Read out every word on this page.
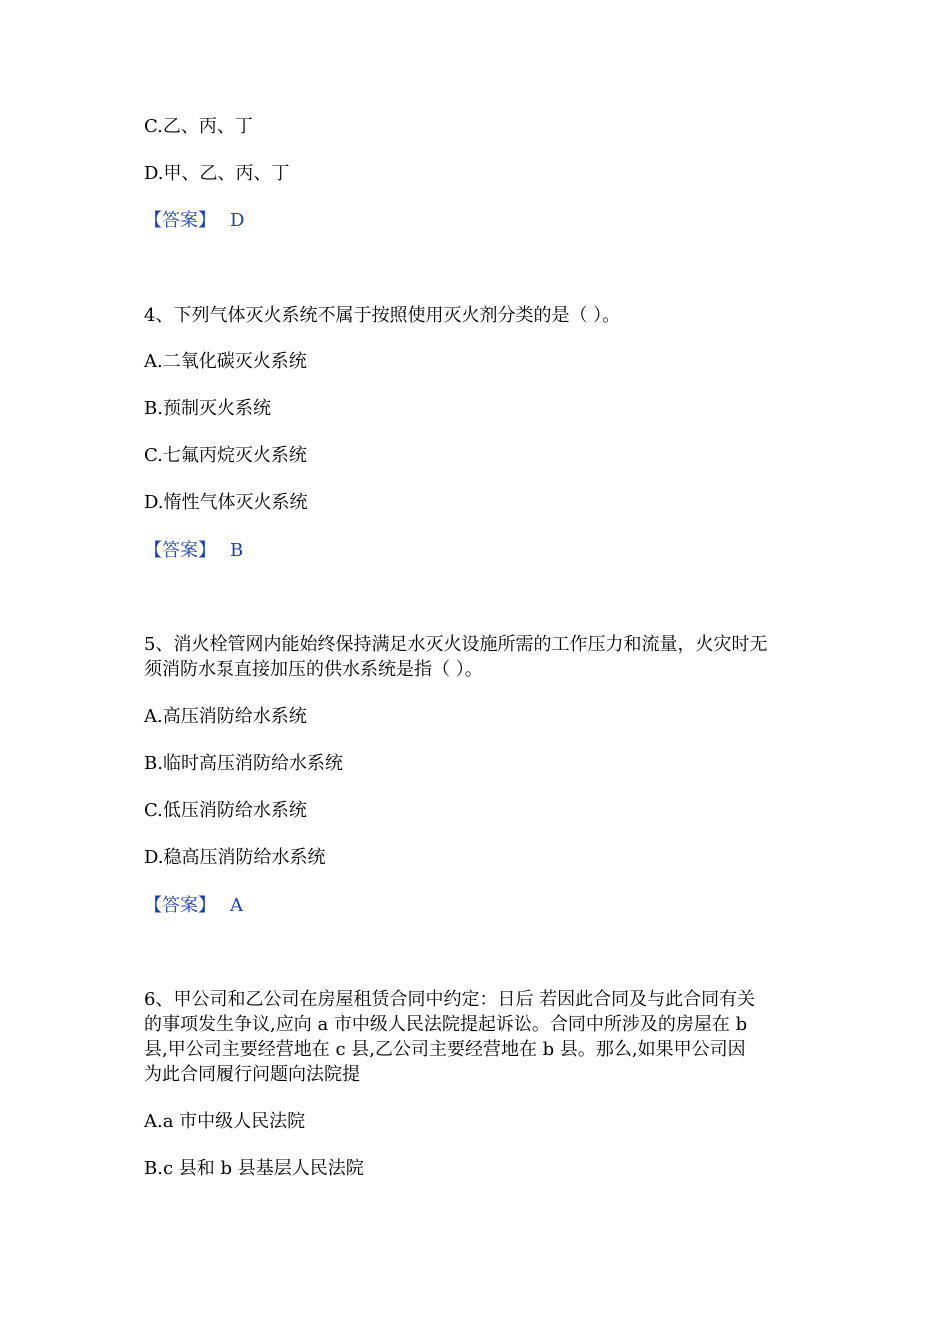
C.乙、丙、丁
D.甲、乙、丙、丁
【答案】 D
4、下列气体灭火系统不属于按照使用灭火剂分类的是（ ）。
A.二氧化碳灭火系统
B.预制灭火系统
C.七氟丙烷灭火系统
D.惰性气体灭火系统
【答案】 B
5、消火栓管网内能始终保持满足水灭火设施所需的工作压力和流量，火灾时无
须消防水泵直接加压的供水系统是指（ ）。
A.高压消防给水系统
B.临时高压消防给水系统
C.低压消防给水系统
D.稳高压消防给水系统
【答案】 A
6、甲公司和乙公司在房屋租赁合同中约定：日后 若因此合同及与此合同有关
的事项发生争议,应向 a 市中级人民法院提起诉讼。合同中所涉及的房屋在 b
县,甲公司主要经营地在 c 县,乙公司主要经营地在 b 县。那么,如果甲公司因
为此合同履行问题向法院提
A.a 市中级人民法院
B.c 县和 b 县基层人民法院
